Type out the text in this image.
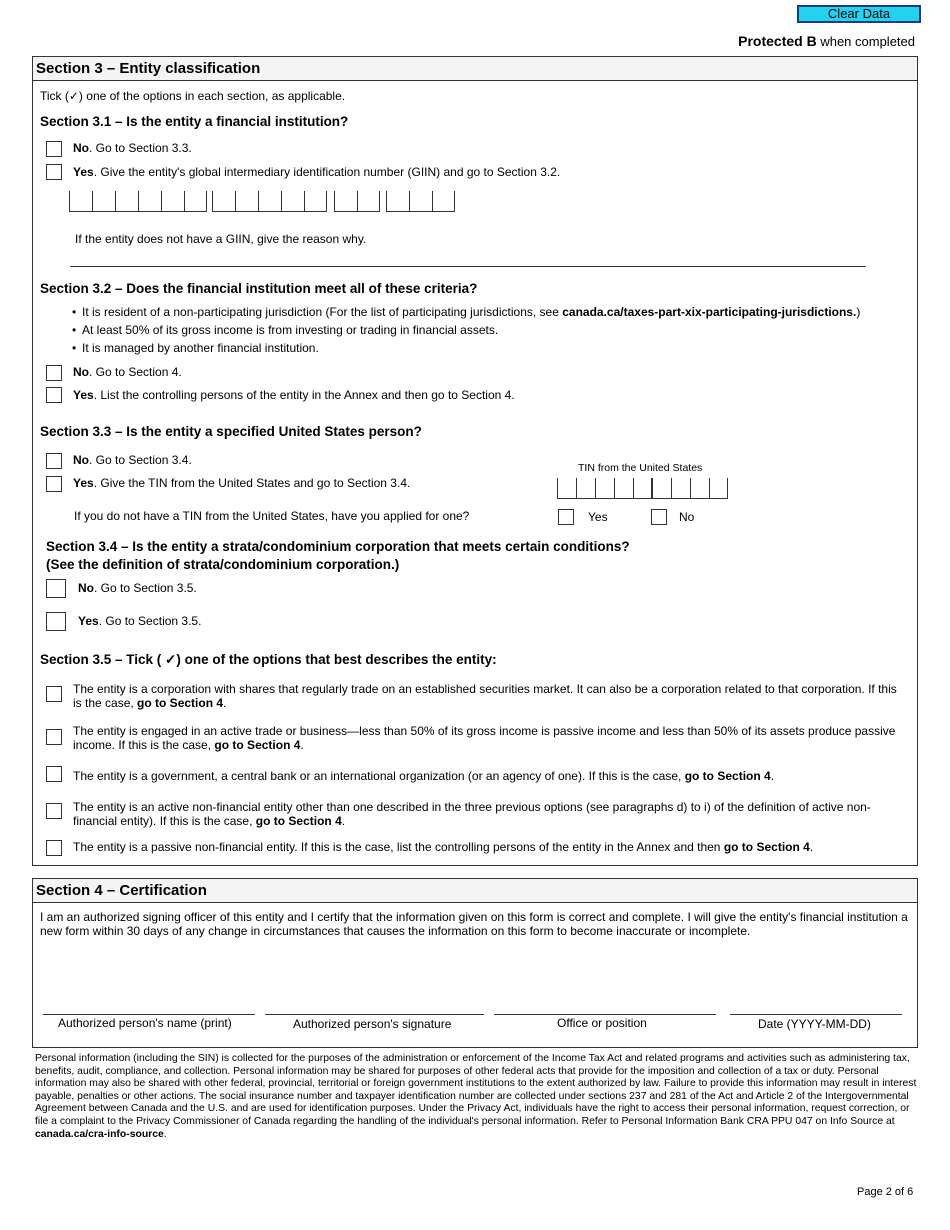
Clear Data
Protected B when completed
Section 3 – Entity classification
Tick (✓) one of the options in each section, as applicable.
Section 3.1 – Is the entity a financial institution?
No. Go to Section 3.3.
Yes. Give the entity's global intermediary identification number (GIIN) and go to Section 3.2.
If the entity does not have a GIIN, give the reason why.
Section 3.2 – Does the financial institution meet all of these criteria?
• It is resident of a non-participating jurisdiction (For the list of participating jurisdictions, see canada.ca/taxes-part-xix-participating-jurisdictions.)
• At least 50% of its gross income is from investing or trading in financial assets.
• It is managed by another financial institution.
No. Go to Section 4.
Yes. List the controlling persons of the entity in the Annex and then go to Section 4.
Section 3.3 – Is the entity a specified United States person?
No. Go to Section 3.4.
Yes. Give the TIN from the United States and go to Section 3.4.
TIN from the United States
If you do not have a TIN from the United States, have you applied for one?	Yes	No
Section 3.4 – Is the entity a strata/condominium corporation that meets certain conditions?
(See the definition of strata/condominium corporation.)
No. Go to Section 3.5.
Yes. Go to Section 3.5.
Section 3.5 – Tick ( ✓) one of the options that best describes the entity:
The entity is a corporation with shares that regularly trade on an established securities market. It can also be a corporation related to that corporation. If this is the case, go to Section 4.
The entity is engaged in an active trade or business—less than 50% of its gross income is passive income and less than 50% of its assets produce passive income. If this is the case, go to Section 4.
The entity is a government, a central bank or an international organization (or an agency of one). If this is the case, go to Section 4.
The entity is an active non-financial entity other than one described in the three previous options (see paragraphs d) to i) of the definition of active non-financial entity). If this is the case, go to Section 4.
The entity is a passive non-financial entity. If this is the case, list the controlling persons of the entity in the Annex and then go to Section 4.
Section 4 – Certification
I am an authorized signing officer of this entity and I certify that the information given on this form is correct and complete. I will give the entity's financial institution a new form within 30 days of any change in circumstances that causes the information on this form to become inaccurate or incomplete.
Authorized person's name (print)	Authorized person's signature	Office or position	Date (YYYY-MM-DD)
Personal information (including the SIN) is collected for the purposes of the administration or enforcement of the Income Tax Act and related programs and activities such as administering tax, benefits, audit, compliance, and collection. Personal information may be shared for purposes of other federal acts that provide for the imposition and collection of a tax or duty. Personal information may also be shared with other federal, provincial, territorial or foreign government institutions to the extent authorized by law. Failure to provide this information may result in interest payable, penalties or other actions. The social insurance number and taxpayer identification number are collected under sections 237 and 281 of the Act and Article 2 of the Intergovernmental Agreement between Canada and the U.S. and are used for identification purposes. Under the Privacy Act, individuals have the right to access their personal information, request correction, or file a complaint to the Privacy Commissioner of Canada regarding the handling of the individual's personal information. Refer to Personal Information Bank CRA PPU 047 on Info Source at canada.ca/cra-info-source.
Page 2 of 6
